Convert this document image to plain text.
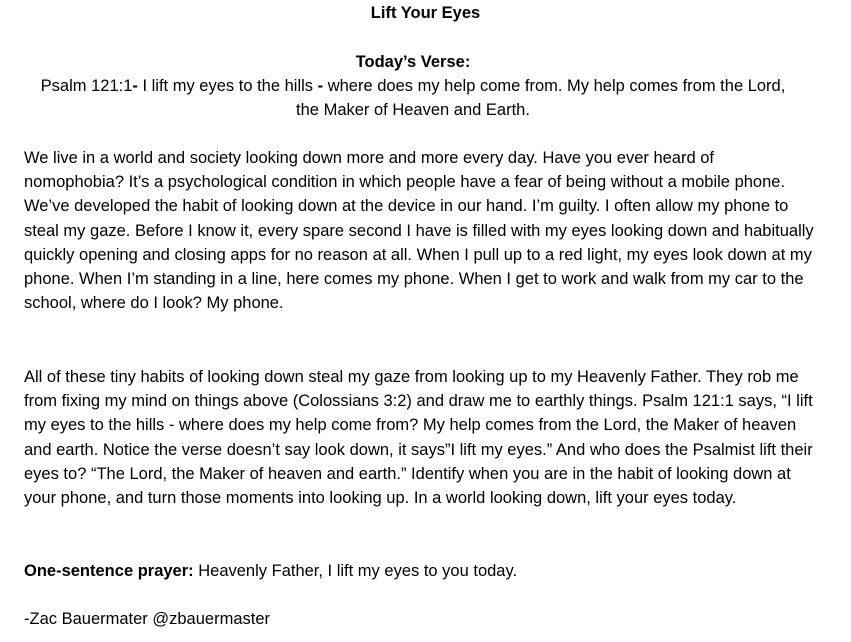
Lift Your Eyes
Today’s Verse:
Psalm 121:1- I lift my eyes to the hills - where does my help come from. My help comes from the Lord, the Maker of Heaven and Earth.

We live in a world and society looking down more and more every day. Have you ever heard of nomophobia? It’s a psychological condition in which people have a fear of being without a mobile phone. We’ve developed the habit of looking down at the device in our hand. I’m guilty. I often allow my phone to steal my gaze. Before I know it, every spare second I have is filled with my eyes looking down and habitually quickly opening and closing apps for no reason at all. When I pull up to a red light, my eyes look down at my phone. When I’m standing in a line, here comes my phone. When I get to work and walk from my car to the school, where do I look? My phone.

All of these tiny habits of looking down steal my gaze from looking up to my Heavenly Father. They rob me from fixing my mind on things above (Colossians 3:2) and draw me to earthly things. Psalm 121:1 says, “I lift my eyes to the hills - where does my help come from? My help comes from the Lord, the Maker of heaven and earth. Notice the verse doesn’t say look down, it says”I lift my eyes.” And who does the Psalmist lift their eyes to? “The Lord, the Maker of heaven and earth.” Identify when you are in the habit of looking down at your phone, and turn those moments into looking up. In a world looking down, lift your eyes today.

One-sentence prayer: Heavenly Father, I lift my eyes to you today.

-Zac Bauermater @zbauermaster
